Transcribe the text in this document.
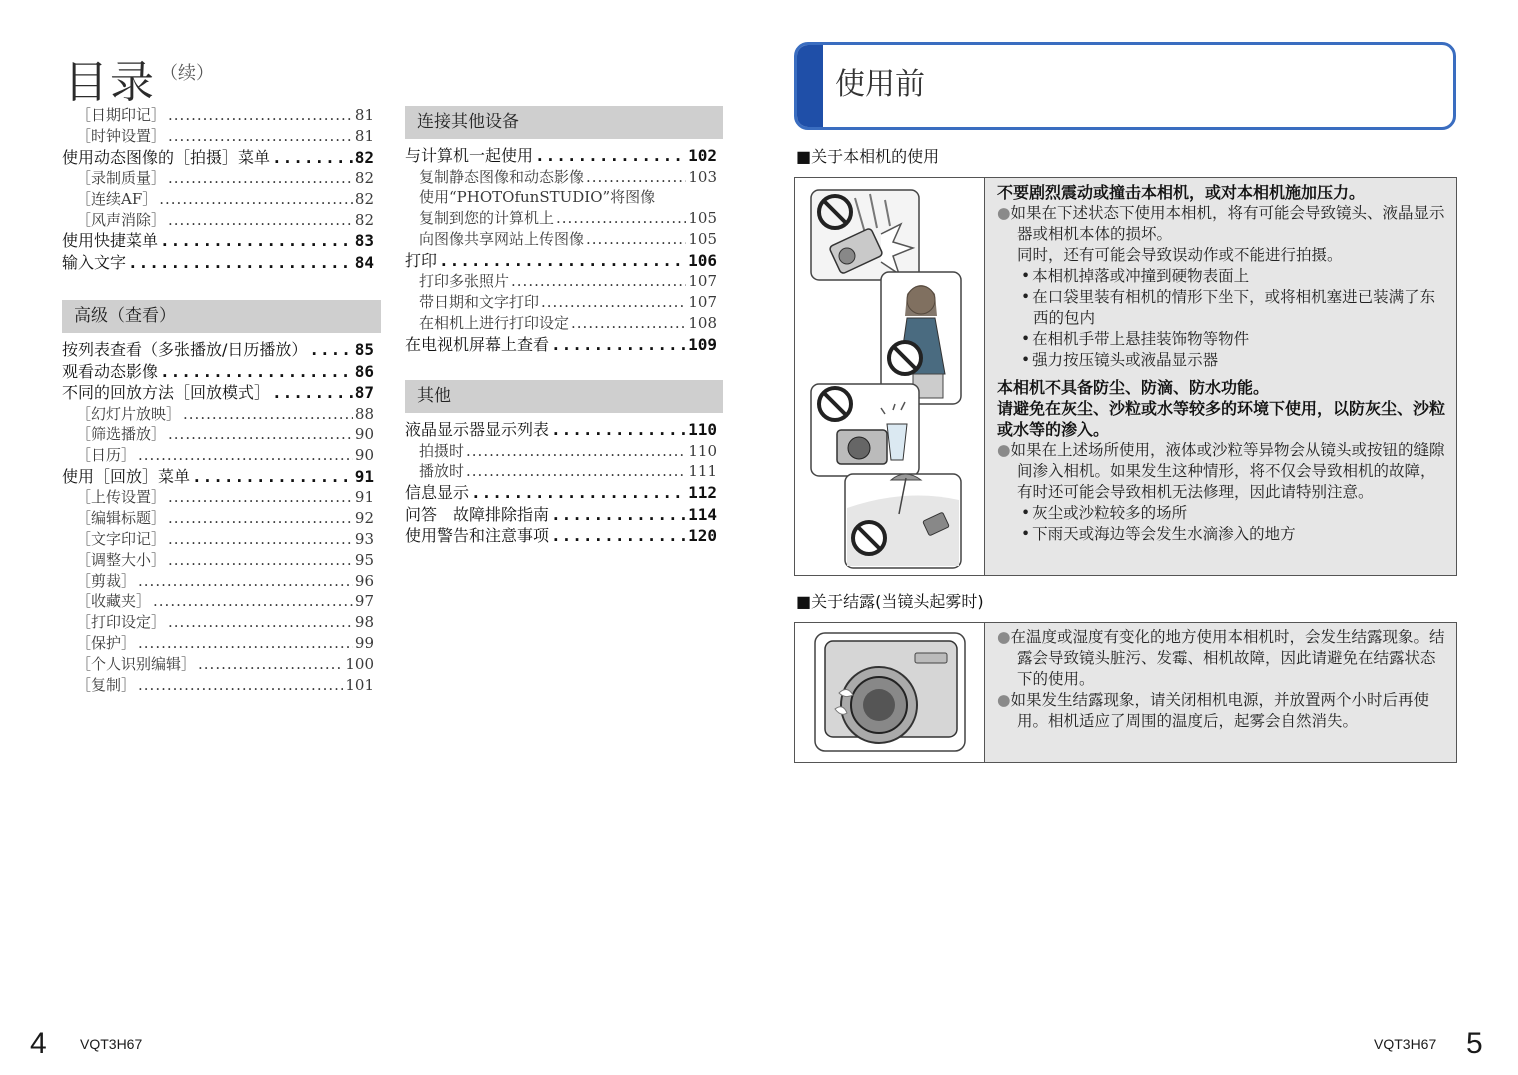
目录 $^{(续)}$
［日期印记］ .....	81
［时钟设置］ .....	81
使用动态图像的［拍摄］菜单 .....	82
［录制质量］ .....	82
［连续AF］ .....	82
［风声消除］ .....	82
使用快捷菜单 .....	83
输入文字 .....	84
高级（查看）
按列表查看（多张播放/日历播放） .....	85
观看动态影像 .....	86
不同的回放方法［回放模式］ .....	87
［幻灯片放映］ .....	88
［筛选播放］ .....	90
［日历］ .....	90
使用［回放］菜单 .....	91
［上传设置］ .....	91
［编辑标题］ .....	92
［文字印记］ .....	93
［调整大小］ .....	95
［剪裁］ .....	96
［收藏夹］ .....	97
［打印设定］ .....	98
［保护］ .....	99
［个人识别编辑］ .....	100
［复制］ .....	101
连接其他设备
与计算机一起使用 .....	102
复制静态图像和动态影像 .....	103
使用“PHOTOfunSTUDIO”将图像
复制到您的计算机上 .....	105
向图像共享网站上传图像 .....	105
打印 .....	106
打印多张照片 .....	107
带日期和文字打印 .....	107
在相机上进行打印设定 .....	108
在电视机屏幕上查看 .....	109
其他
液晶显示器显示列表 .....	110
拍摄时 .....	110
播放时 .....	111
信息显示 .....	112
问答　故障排除指南 .....	114
使用警告和注意事项 .....	120
4 VQT3H67
使用前
■关于本相机的使用
不要剧烈震动或撞击本相机，或对本相机施加压力。
●如果在下述状态下使用本相机，将有可能会导致镜头、液晶显示器或相机本体的损坏。
同时，还有可能会导致误动作或不能进行拍摄。
• 本相机掉落或冲撞到硬物表面上
• 在口袋里装有相机的情形下坐下，或将相机塞进已装满了东西的包内
• 在相机手带上悬挂装饰物等物件
• 强力按压镜头或液晶显示器
本相机不具备防尘、防滴、防水功能。
请避免在灰尘、沙粒或水等较多的环境下使用，以防灰尘、沙粒或水等的渗入。
●如果在上述场所使用，液体或沙粒等异物会从镜头或按钮的缝隙间渗入相机。如果发生这种情形，将不仅会导致相机的故障，有时还可能会导致相机无法修理，因此请特别注意。
• 灰尘或沙粒较多的场所
• 下雨天或海边等会发生水滴渗入的地方
■关于结露(当镜头起雾时)
●在温度或湿度有变化的地方使用本相机时，会发生结露现象。结露会导致镜头脏污、发霉、相机故障，因此请避免在结露状态下的使用。
●如果发生结露现象，请关闭相机电源，并放置两个小时后再使用。相机适应了周围的温度后，起雾会自然消失。
VQT3H67 5
